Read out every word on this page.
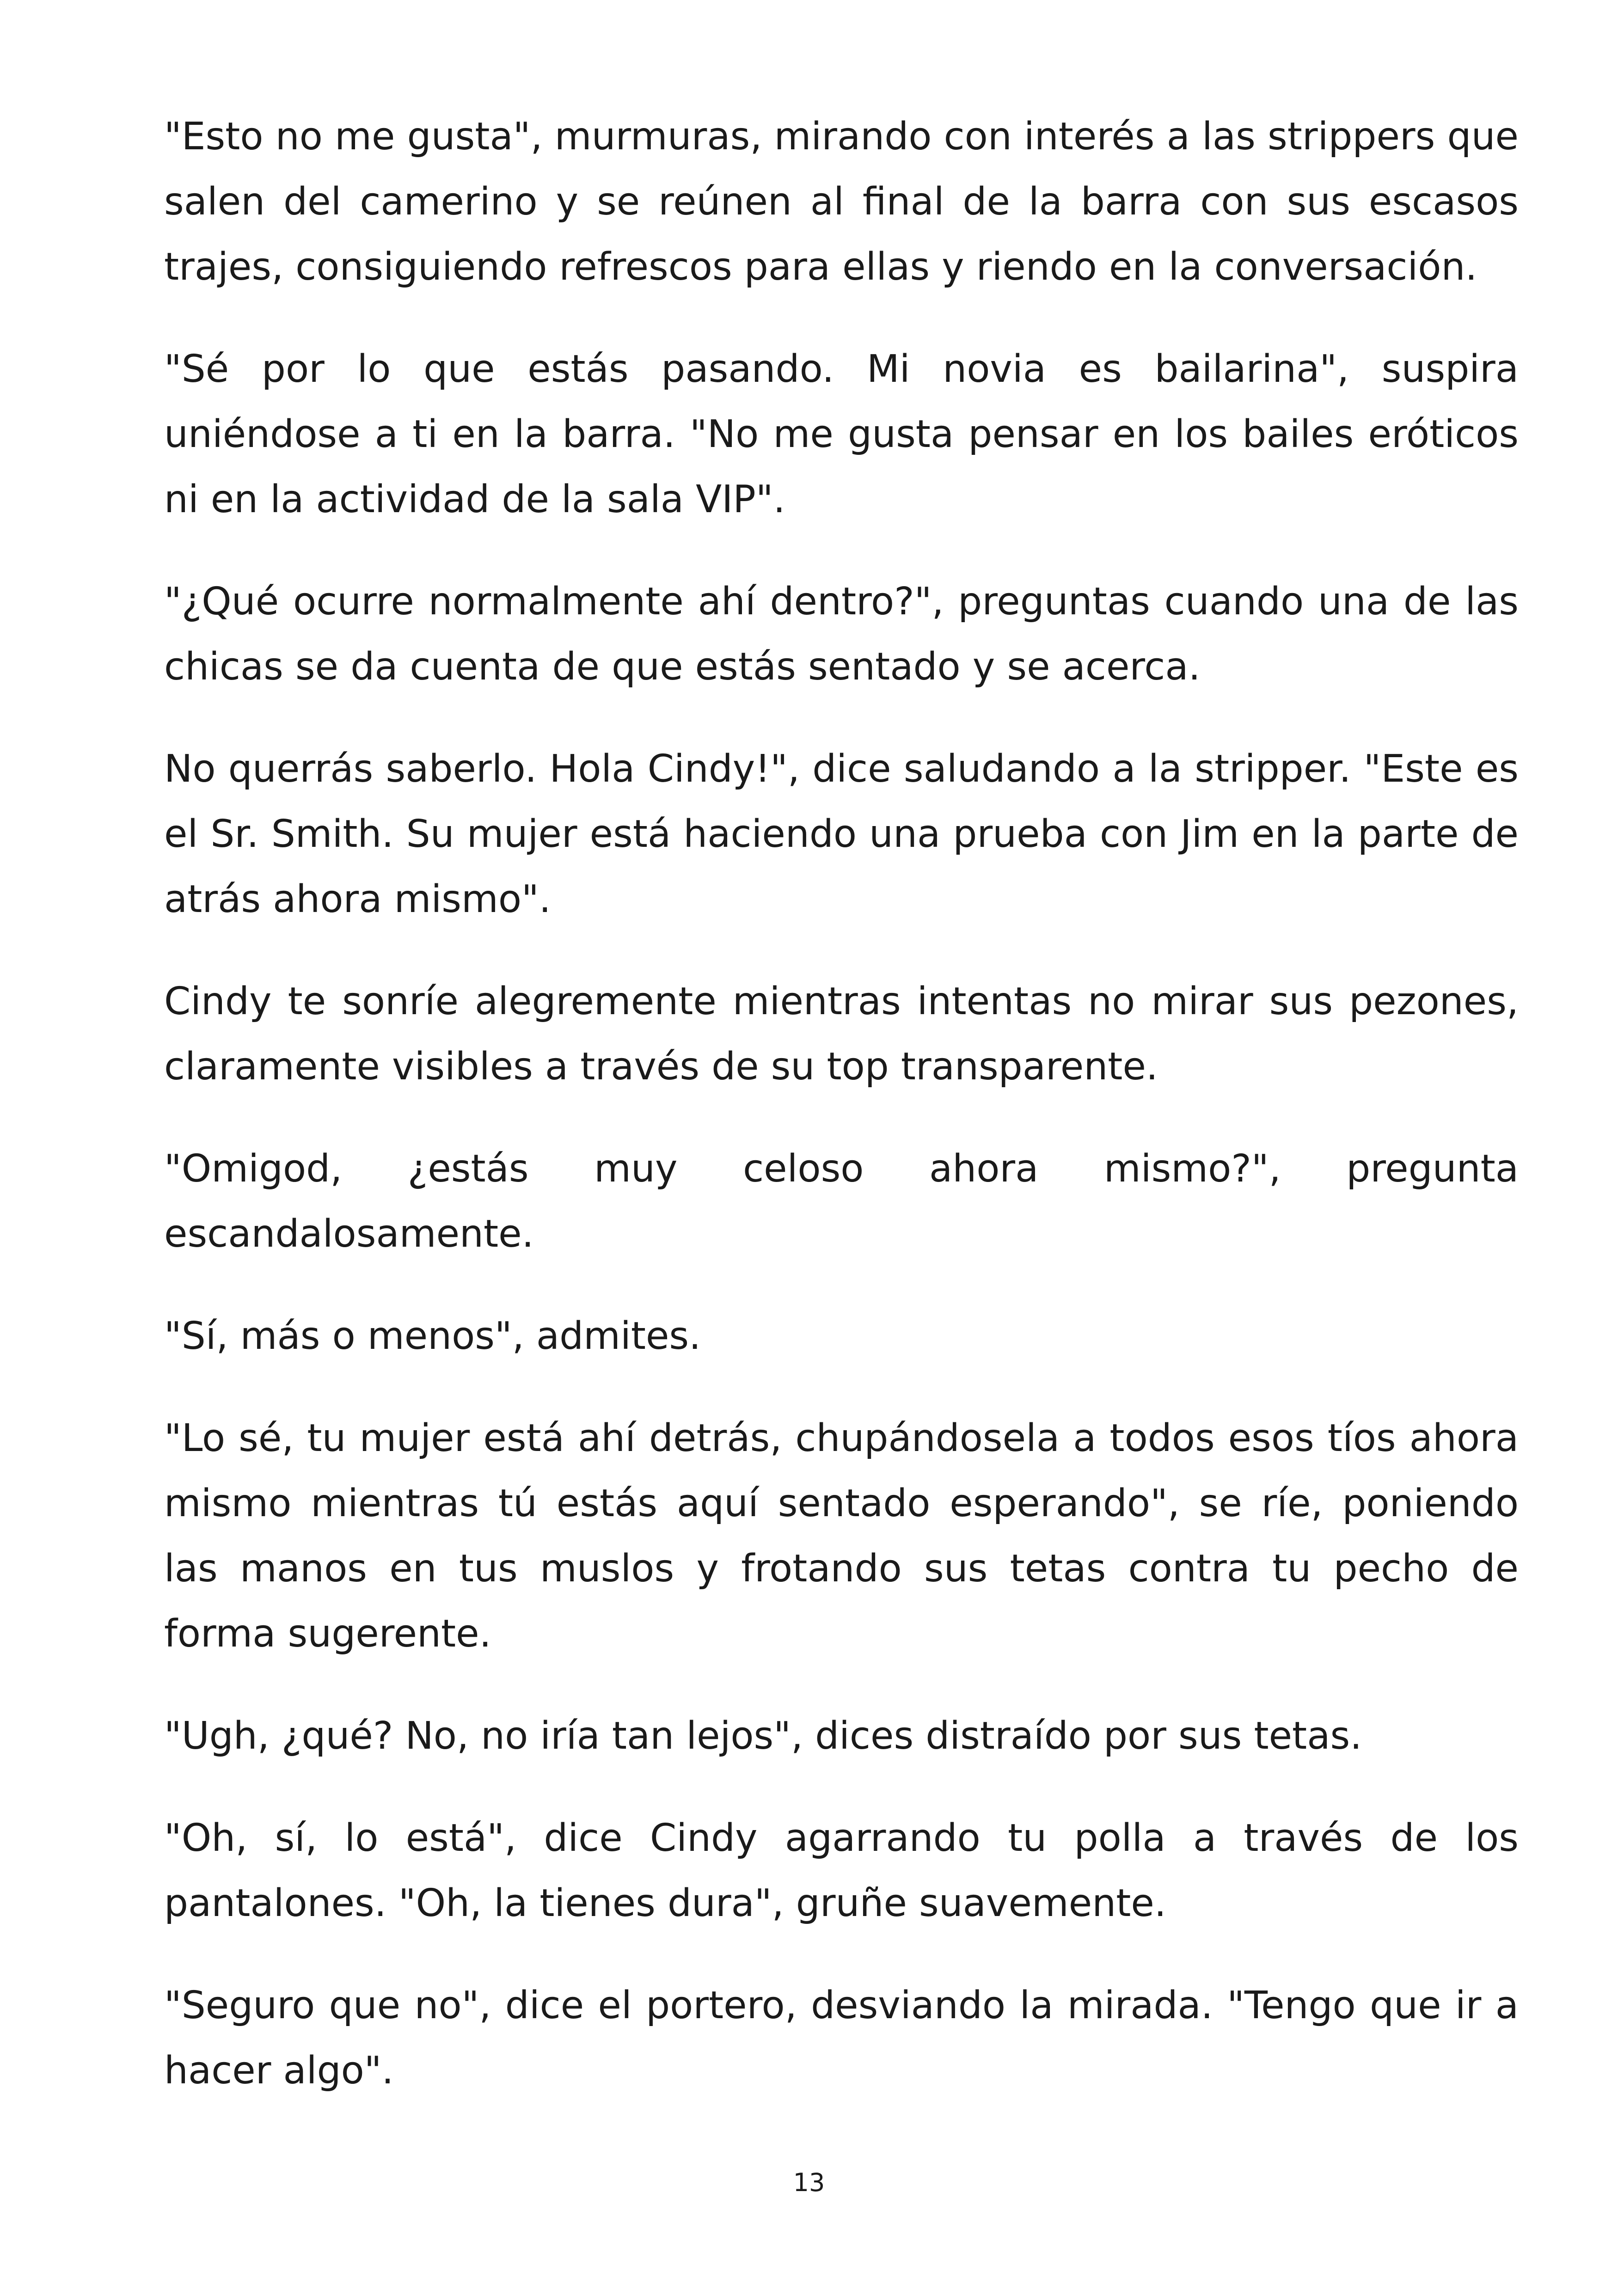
"Esto no me gusta", murmuras, mirando con interés a las strippers que salen del camerino y se reúnen al final de la barra con sus escasos trajes, consiguiendo refrescos para ellas y riendo en la conversación.

"Sé por lo que estás pasando. Mi novia es bailarina", suspira uniéndose a ti en la barra. "No me gusta pensar en los bailes eróticos ni en la actividad de la sala VIP".

"¿Qué ocurre normalmente ahí dentro?", preguntas cuando una de las chicas se da cuenta de que estás sentado y se acerca.

No querrás saberlo. Hola Cindy!", dice saludando a la stripper. "Este es el Sr. Smith. Su mujer está haciendo una prueba con Jim en la parte de atrás ahora mismo".

Cindy te sonríe alegremente mientras intentas no mirar sus pezones, claramente visibles a través de su top transparente.

"Omigod, ¿estás muy celoso ahora mismo?", pregunta escandalosamente.

"Sí, más o menos", admites.

"Lo sé, tu mujer está ahí detrás, chupándosela a todos esos tíos ahora mismo mientras tú estás aquí sentado esperando", se ríe, poniendo las manos en tus muslos y frotando sus tetas contra tu pecho de forma sugerente.

"Ugh, ¿qué? No, no iría tan lejos", dices distraído por sus tetas.

"Oh, sí, lo está", dice Cindy agarrando tu polla a través de los pantalones. "Oh, la tienes dura", gruñe suavemente.

"Seguro que no", dice el portero, desviando la mirada. "Tengo que ir a hacer algo".

13
